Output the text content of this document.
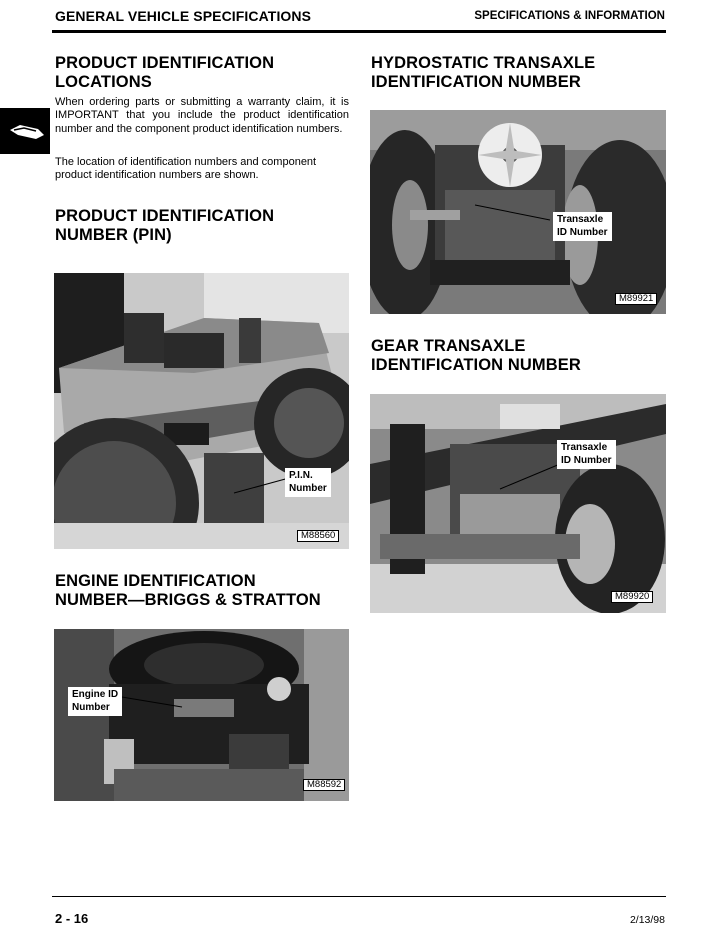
GENERAL VEHICLE SPECIFICATIONS	SPECIFICATIONS & INFORMATION
PRODUCT IDENTIFICATION
LOCATIONS

When ordering parts or submitting a warranty claim, it is IMPORTANT that you include the product identification number and the component product identification numbers.

The location of identification numbers and component product identification numbers are shown.

PRODUCT IDENTIFICATION
NUMBER (PIN)
P.I.N.
Number
M88560
ENGINE IDENTIFICATION
NUMBER—BRIGGS & STRATTON
Engine ID
Number
M88592
HYDROSTATIC TRANSAXLE
IDENTIFICATION NUMBER
Transaxle
ID Number
M89921
GEAR TRANSAXLE
IDENTIFICATION NUMBER
Transaxle
ID Number
M89920
2 - 16	2/13/98
